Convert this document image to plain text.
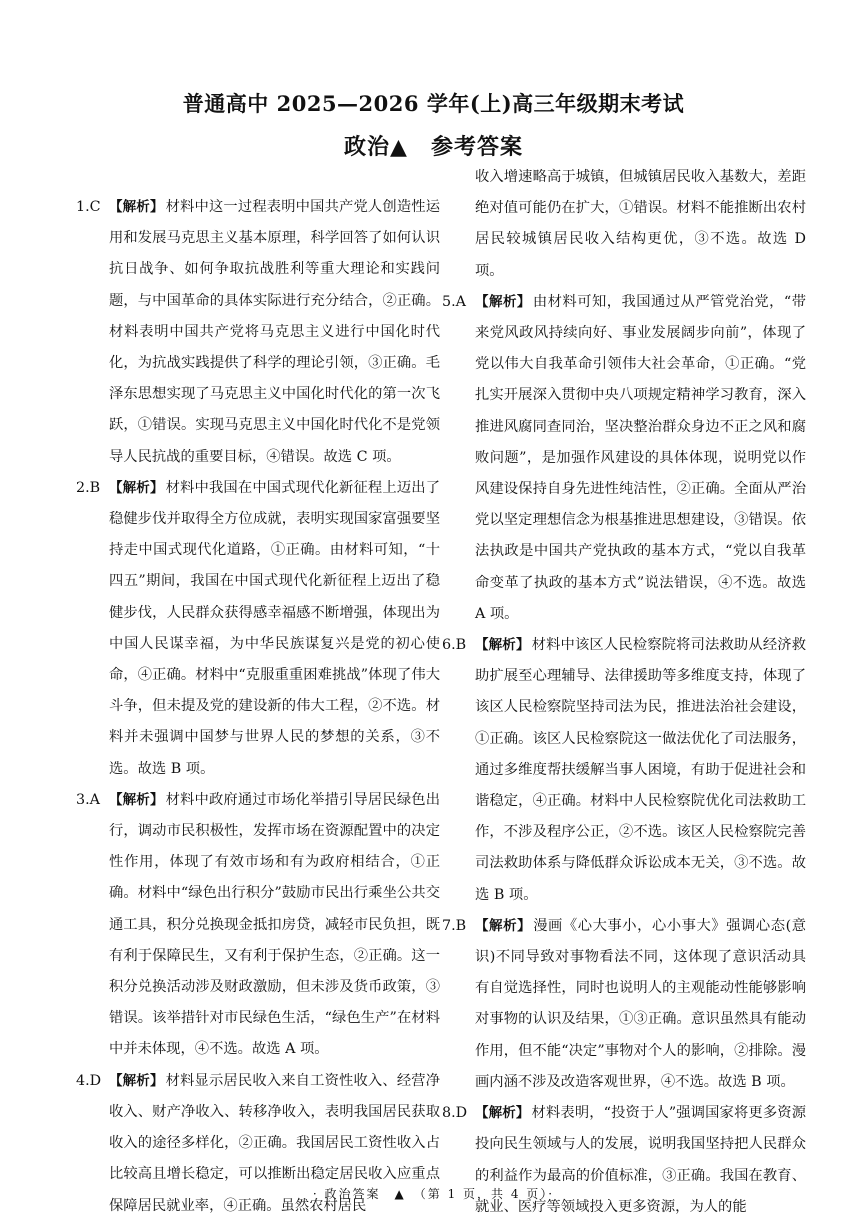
普通高中 2025—2026 学年(上)高三年级期末考试
政治▲　参考答案
1.C 【解析】 材料中这一过程表明中国共产党人创造性运用和发展马克思主义基本原理，科学回答了如何认识抗日战争、如何争取抗战胜利等重大理论和实践问题，与中国革命的具体实际进行充分结合，②正确。材料表明中国共产党将马克思主义进行中国化时代化，为抗战实践提供了科学的理论引领，③正确。毛泽东思想实现了马克思主义中国化时代化的第一次飞跃，①错误。实现马克思主义中国化时代化不是党领导人民抗战的重要目标，④错误。故选 C 项。
2.B 【解析】 材料中我国在中国式现代化新征程上迈出了稳健步伐并取得全方位成就，表明实现国家富强要坚持走中国式现代化道路，①正确。由材料可知，“十四五”期间，我国在中国式现代化新征程上迈出了稳健步伐，人民群众获得感幸福感不断增强，体现出为中国人民谋幸福，为中华民族谋复兴是党的初心使命，④正确。材料中“克服重重困难挑战”体现了伟大斗争，但未提及党的建设新的伟大工程，②不选。材料并未强调中国梦与世界人民的梦想的关系，③不选。故选 B 项。
3.A 【解析】 材料中政府通过市场化举措引导居民绿色出行，调动市民积极性，发挥市场在资源配置中的决定性作用，体现了有效市场和有为政府相结合，①正确。材料中“绿色出行积分”鼓励市民出行乘坐公共交通工具，积分兑换现金抵扣房贷，减轻市民负担，既有利于保障民生，又有利于保护生态，②正确。这一积分兑换活动涉及财政激励，但未涉及货币政策，③错误。该举措针对市民绿色生活，“绿色生产”在材料中并未体现，④不选。故选 A 项。
4.D 【解析】 材料显示居民收入来自工资性收入、经营净收入、财产净收入、转移净收入，表明我国居民获取收入的途径多样化，②正确。我国居民工资性收入占比较高且增长稳定，可以推断出稳定居民收入应重点保障居民就业率，④正确。虽然农村居民
收入增速略高于城镇，但城镇居民收入基数大，差距绝对值可能仍在扩大，①错误。材料不能推断出农村居民较城镇居民收入结构更优，③不选。故选 D 项。
5.A 【解析】 由材料可知，我国通过从严管党治党，“带来党风政风持续向好、事业发展阔步向前”，体现了党以伟大自我革命引领伟大社会革命，①正确。“党扎实开展深入贯彻中央八项规定精神学习教育，深入推进风腐同查同治，坚决整治群众身边不正之风和腐败问题”，是加强作风建设的具体体现，说明党以作风建设保持自身先进性纯洁性，②正确。全面从严治党以坚定理想信念为根基推进思想建设，③错误。依法执政是中国共产党执政的基本方式，“党以自我革命变革了执政的基本方式”说法错误，④不选。故选 A 项。
6.B 【解析】 材料中该区人民检察院将司法救助从经济救助扩展至心理辅导、法律援助等多维度支持，体现了该区人民检察院坚持司法为民，推进法治社会建设，①正确。该区人民检察院这一做法优化了司法服务，通过多维度帮扶缓解当事人困境，有助于促进社会和谐稳定，④正确。材料中人民检察院优化司法救助工作，不涉及程序公正，②不选。该区人民检察院完善司法救助体系与降低群众诉讼成本无关，③不选。故选 B 项。
7.B 【解析】 漫画《心大事小，心小事大》强调心态(意识)不同导致对事物看法不同，这体现了意识活动具有自觉选择性，同时也说明人的主观能动性能够影响对事物的认识及结果，①③正确。意识虽然具有能动作用，但不能“决定”事物对个人的影响，②排除。漫画内涵不涉及改造客观世界，④不选。故选 B 项。
8.D 【解析】 材料表明，“投资于人”强调国家将更多资源投向民生领域与人的发展，说明我国坚持把人民群众的利益作为最高的价值标准，③正确。我国在教育、就业、医疗等领域投入更多资源，为人的能
· 政治答案　▲　（第 1 页，共 4 页）·
